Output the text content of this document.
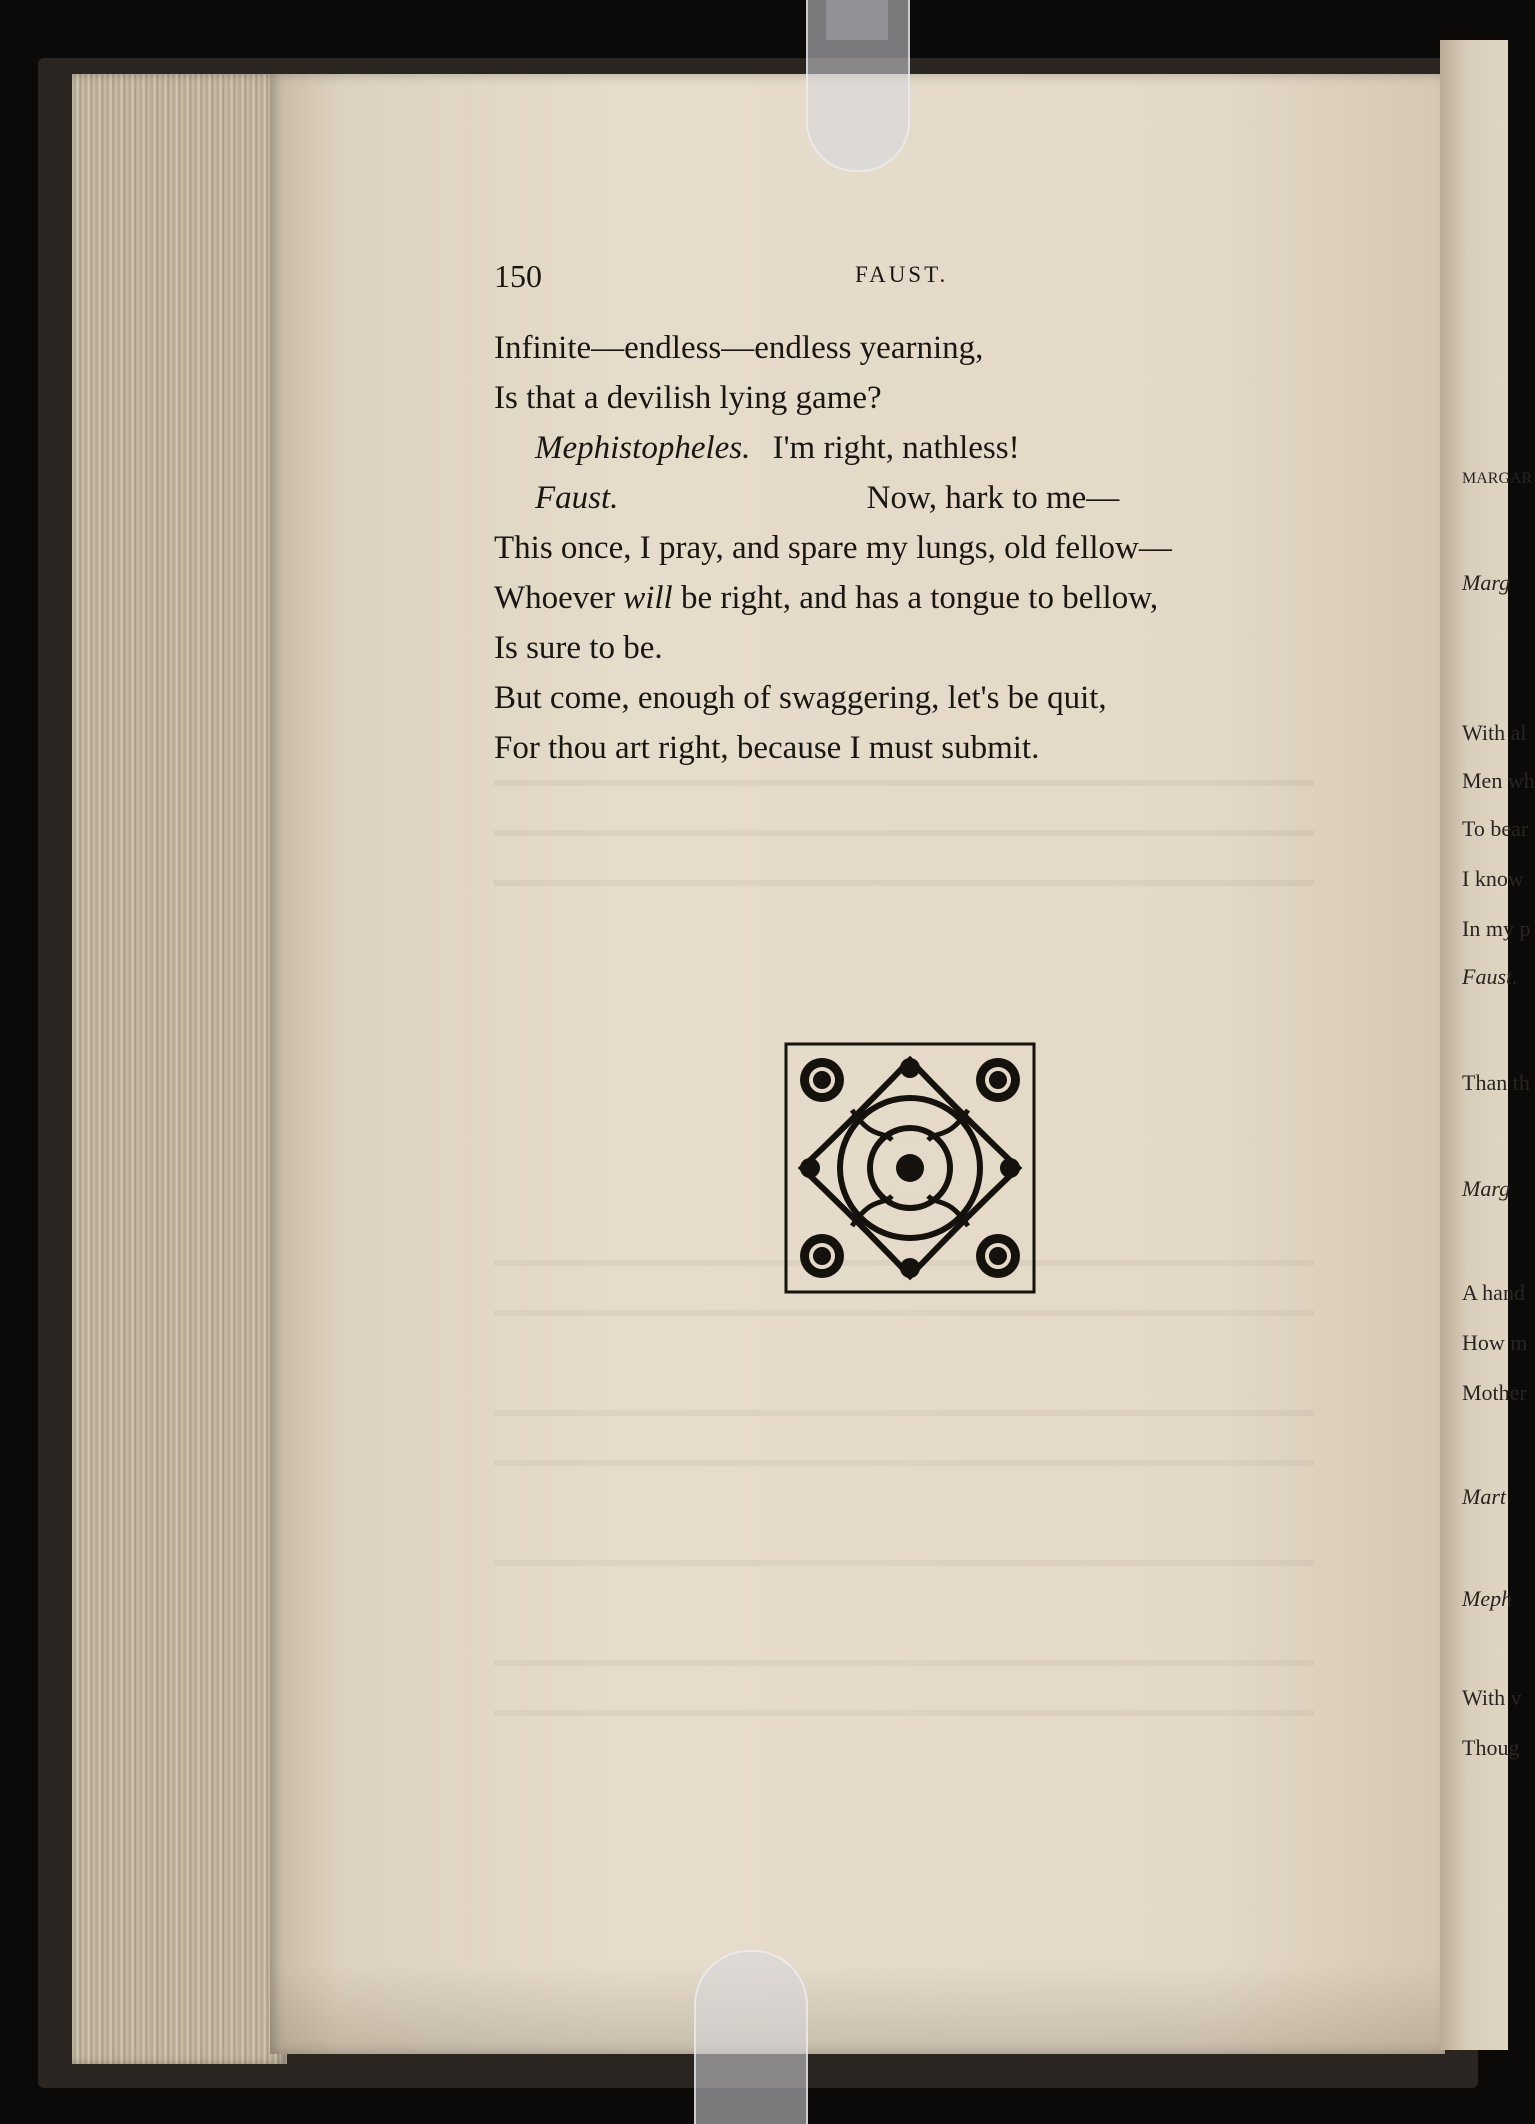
MARGAR
Marg
With al
Men wh
To bear
I know
In my p
Faust.
Than th
Marg
A hand
How m
Mother
Mart
Meph
With v
Thoug
150	FAUST.
Infinite—endless—endless yearning,
Is that a devilish lying game?
Mephistopheles. I'm right, nathless!
Faust.	Now, hark to me—
This once, I pray, and spare my lungs, old fellow—
Whoever will be right, and has a tongue to bellow,
Is sure to be.
But come, enough of swaggering, let's be quit,
For thou art right, because I must submit.
